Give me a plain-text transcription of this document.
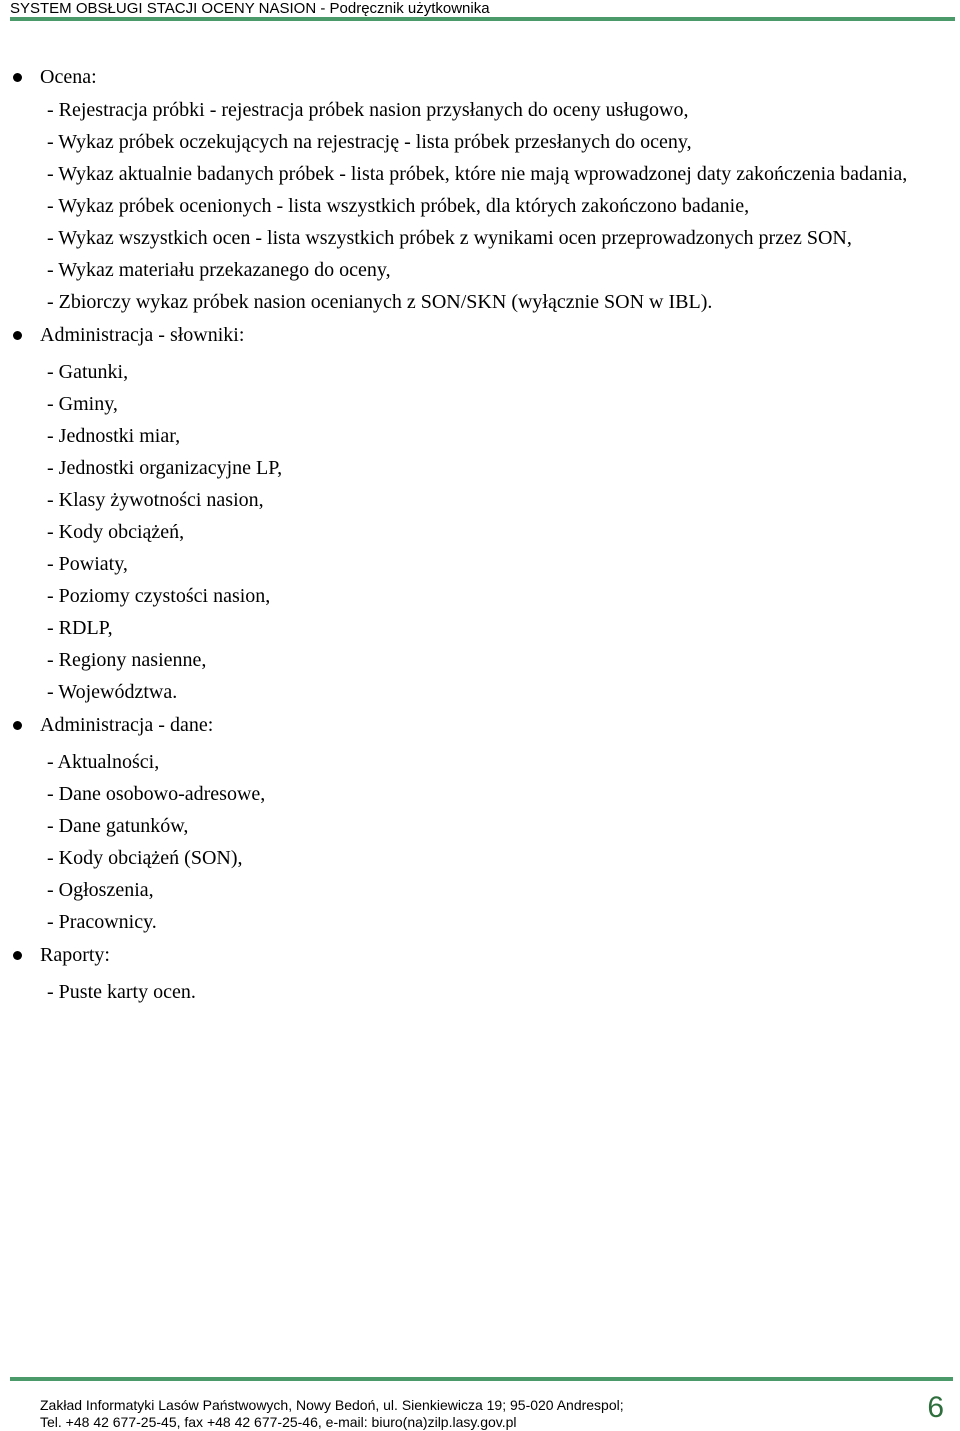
SYSTEM OBSŁUGI STACJI OCENY NASION - Podręcznik użytkownika
Ocena:
- Rejestracja próbki - rejestracja próbek nasion przysłanych do oceny usługowo,
- Wykaz próbek oczekujących na rejestrację - lista próbek przesłanych do oceny,
- Wykaz aktualnie badanych próbek - lista próbek, które nie mają wprowadzonej daty zakończenia badania,
- Wykaz próbek ocenionych - lista wszystkich próbek, dla których zakończono badanie,
- Wykaz wszystkich ocen - lista wszystkich próbek z wynikami ocen przeprowadzonych przez SON,
- Wykaz materiału przekazanego do oceny,
- Zbiorczy wykaz próbek nasion ocenianych z SON/SKN (wyłącznie SON w IBL).
Administracja - słowniki:
- Gatunki,
- Gminy,
- Jednostki miar,
- Jednostki organizacyjne LP,
- Klasy żywotności nasion,
- Kody obciążeń,
- Powiaty,
- Poziomy czystości nasion,
- RDLP,
- Regiony nasienne,
- Województwa.
Administracja - dane:
- Aktualności,
- Dane osobowo-adresowe,
- Dane gatunków,
- Kody obciążeń (SON),
- Ogłoszenia,
- Pracownicy.
Raporty:
- Puste karty ocen.
Zakład Informatyki Lasów Państwowych, Nowy Bedoń, ul. Sienkiewicza 19; 95-020 Andrespol;
Tel. +48 42 677-25-45, fax +48 42 677-25-46, e-mail: biuro(na)zilp.lasy.gov.pl	6
